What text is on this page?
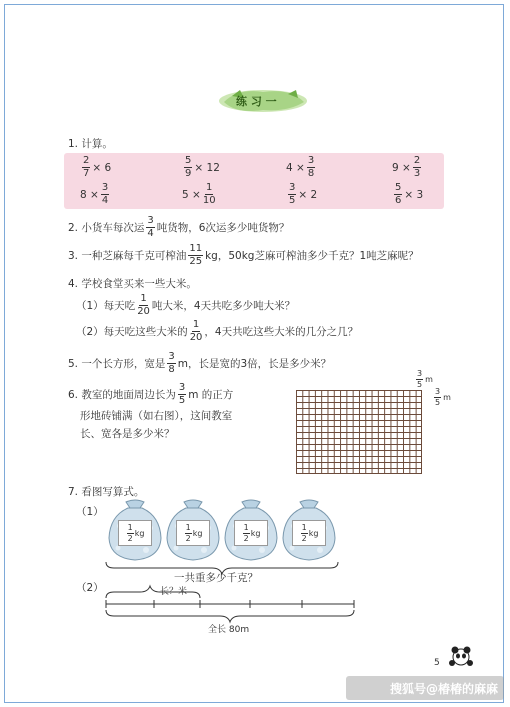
练 习 一
1. 计算。
$\frac{2}{7} \times 6$	$\frac{5}{9} \times 12$	$4 \times \frac{3}{8}$	$9 \times \frac{2}{3}$
$8 \times \frac{3}{4}$	$5 \times \frac{1}{10}$	$\frac{3}{5} \times 2$	$\frac{5}{6} \times 3$
2. 小货车每次运 $\frac{3}{4}$ 吨货物，6次运多少吨货物？
3. 一种芝麻每千克可榨油 $\frac{11}{25}$ kg，50kg芝麻可榨油多少千克？1吨芝麻呢？
4. 学校食堂买来一些大米。
（1）每天吃 $\frac{1}{20}$ 吨大米，4天共吃多少吨大米？
（2）每天吃这些大米的 $\frac{1}{20}$ ，4天共吃这些大米的几分之几？
5. 一个长方形，宽是 $\frac{3}{8}$ m，长是宽的3倍，长是多少米？
6. 教室的地面周边长为 $\frac{3}{5}$ m 的正方
形地砖铺满（如右图），这间教室
长、宽各是多少米？
$\frac{3}{5}$ m
$\frac{3}{5}$ m
7. 看图写算式。
（1）
$\frac{1}{2}$ kg	$\frac{1}{2}$ kg	$\frac{1}{2}$ kg	$\frac{1}{2}$ kg
一共重多少千克？
（2）	长？米
全长 80m
5
搜狐号@椿椿的麻麻
